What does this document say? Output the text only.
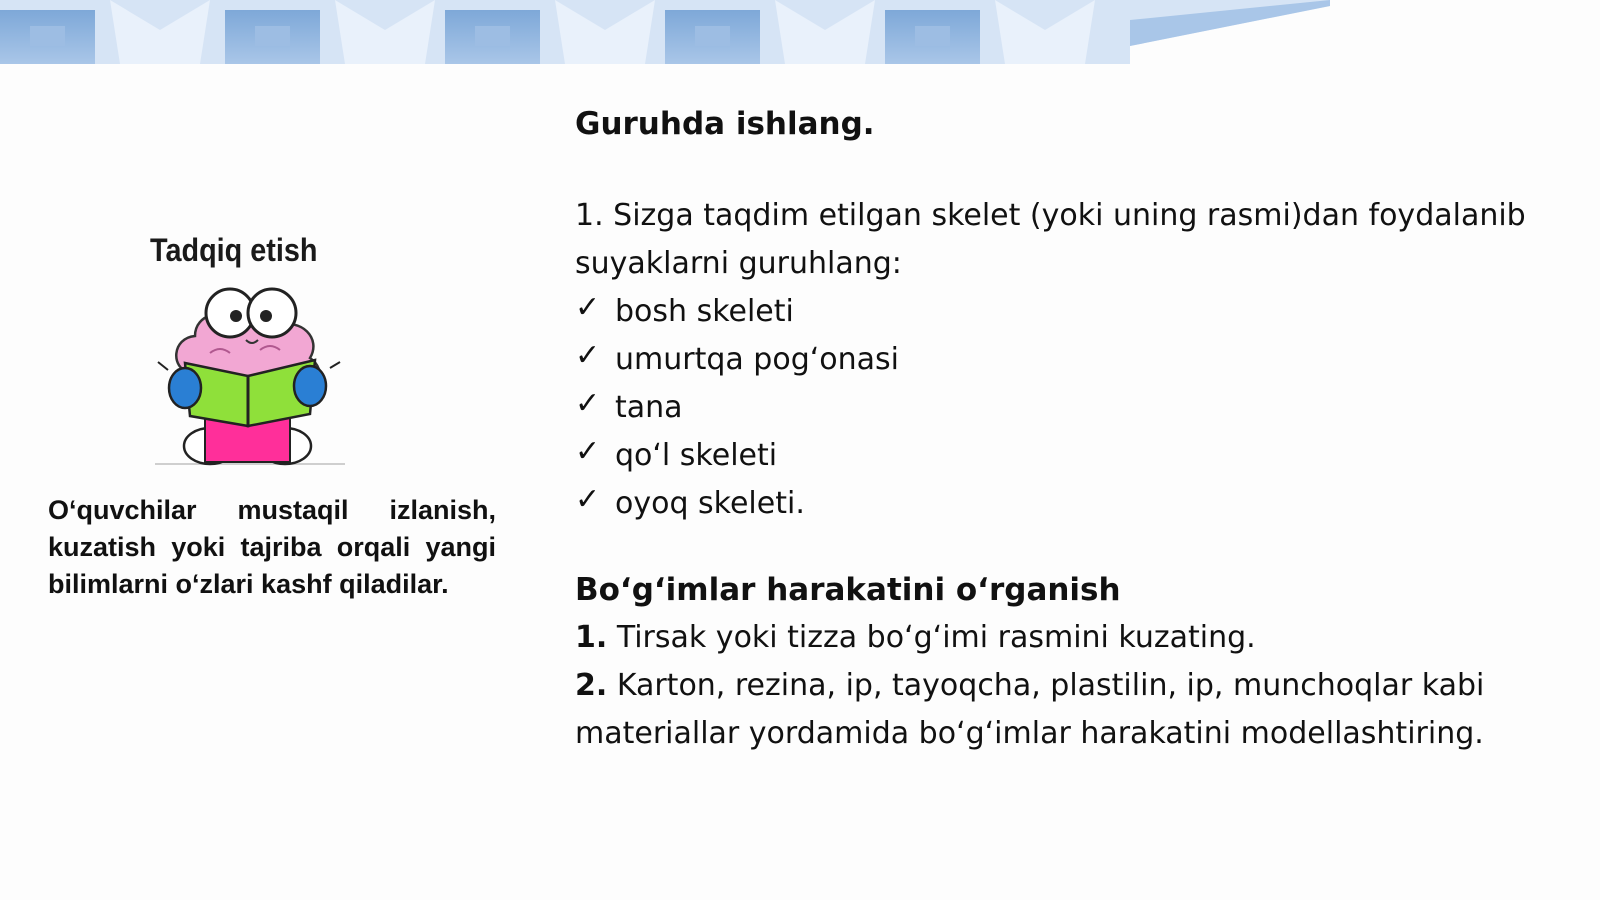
Tadqiq etish
O‘quvchilar mustaqil izlanish, kuzatish yoki tajriba orqali yangi bilimlarni o‘zlari kashf qiladilar.

Guruhda ishlang.

1. Sizga taqdim etilgan skelet (yoki uning rasmi)dan foydalanib suyaklarni guruhlang:

✓ bosh skeleti
✓ umurtqa pog‘onasi
✓ tana
✓ qo‘l skeleti
✓ oyoq skeleti.

Bo‘g‘imlar harakatini o‘rganish

1. Tirsak yoki tizza bo‘g‘imi rasmini kuzating.

2. Karton, rezina, ip, tayoqcha, plastilin, ip, munchoqlar kabi materiallar yordamida bo‘g‘imlar harakatini modellashtiring.
